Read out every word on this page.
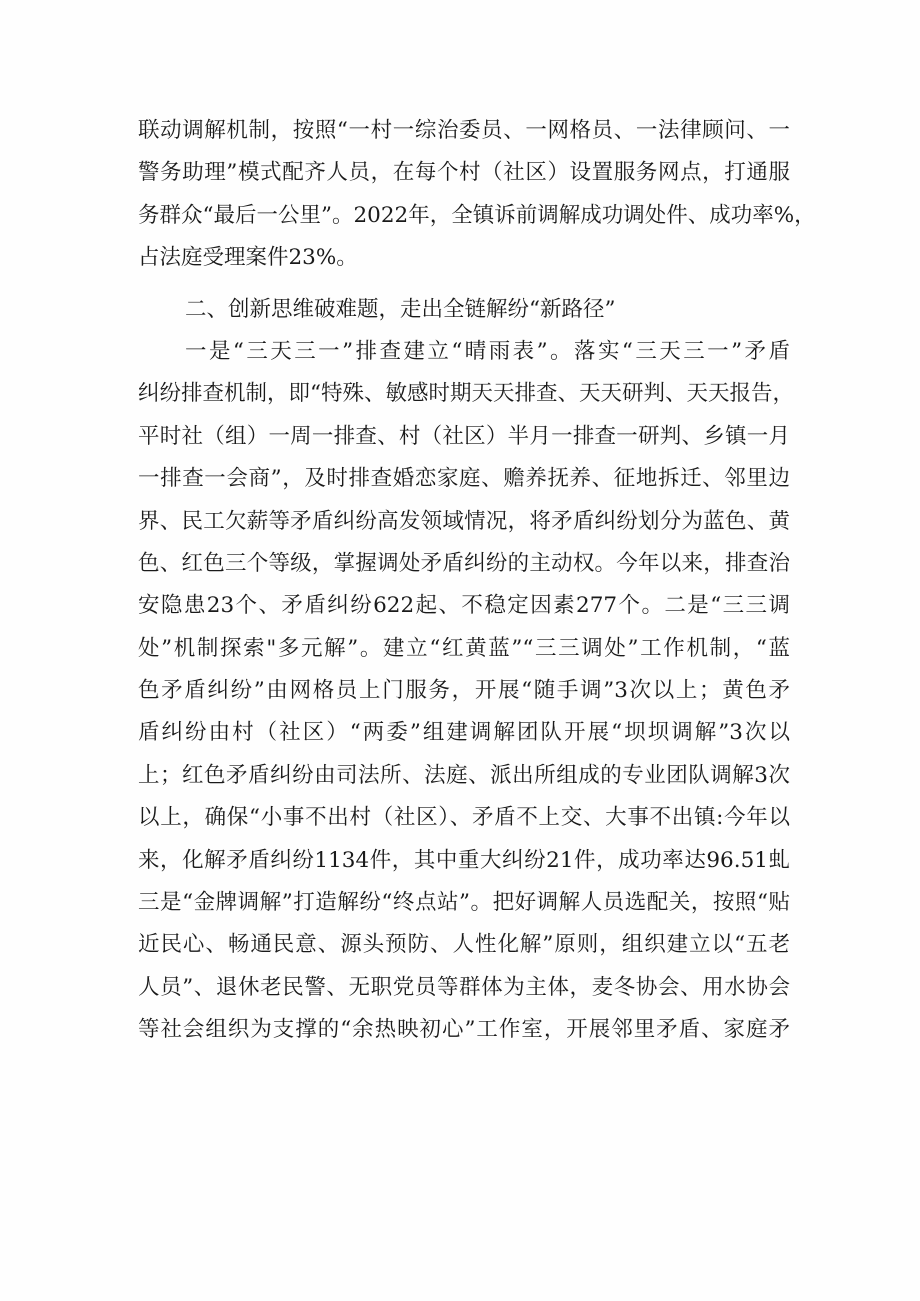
联动调解机制，按照“一村一综治委员、一网格员、一法律顾问、一
警务助理”模式配齐人员，在每个村（社区）设置服务网点，打通服
务群众“最后一公里”。2022年，全镇诉前调解成功调处件、成功率%，
占法庭受理案件23%。
二、创新思维破难题，走出全链解纷“新路径”
一是“三天三一”排查建立“晴雨表”。落实“三天三一”矛盾
纠纷排查机制，即“特殊、敏感时期天天排查、天天研判、天天报告，
平时社（组）一周一排查、村（社区）半月一排查一研判、乡镇一月
一排查一会商”，及时排查婚恋家庭、赡养抚养、征地拆迁、邻里边
界、民工欠薪等矛盾纠纷高发领域情况，将矛盾纠纷划分为蓝色、黄
色、红色三个等级，掌握调处矛盾纠纷的主动权。今年以来，排查治
安隐患23个、矛盾纠纷622起、不稳定因素277个。二是“三三调
处”机制探索"多元解”。建立“红黄蓝”“三三调处”工作机制，“蓝
色矛盾纠纷”由网格员上门服务，开展“随手调”3次以上；黄色矛
盾纠纷由村（社区）“两委”组建调解团队开展“坝坝调解”3次以
上；红色矛盾纠纷由司法所、法庭、派出所组成的专业团队调解3次
以上，确保“小事不出村（社区）、矛盾不上交、大事不出镇:今年以
来，化解矛盾纠纷1134件，其中重大纠纷21件，成功率达96.51虬
三是“金牌调解”打造解纷“终点站”。把好调解人员选配关，按照“贴
近民心、畅通民意、源头预防、人性化解”原则，组织建立以“五老
人员”、退休老民警、无职党员等群体为主体，麦冬协会、用水协会
等社会组织为支撑的“余热映初心”工作室，开展邻里矛盾、家庭矛
